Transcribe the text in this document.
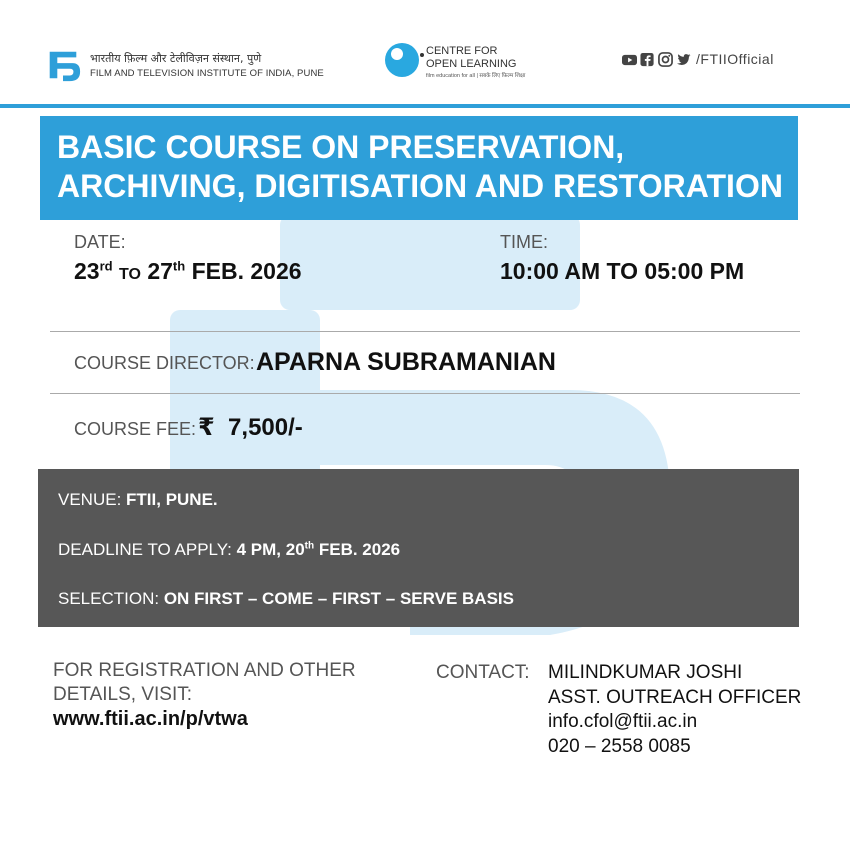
भारतीय फ़िल्म और टेलीविज़न संस्थान, पुणे
FILM AND TELEVISION INSTITUTE OF INDIA, PUNE
CENTRE FOR
OPEN LEARNING
film education for all | सबके लिए फ़िल्म शिक्षा
/FTIIOfficial
BASIC COURSE ON PRESERVATION, ARCHIVING, DIGITISATION AND RESTORATION
DATE:
23rd TO 27th FEB. 2026
TIME:
10:00 AM TO 05:00 PM
COURSE DIRECTOR: APARNA SUBRAMANIAN
COURSE FEE: ₹ 7,500/-
VENUE: FTII, PUNE.
DEADLINE TO APPLY: 4 PM, 20th FEB. 2026
SELECTION: ON FIRST – COME – FIRST – SERVE BASIS
FOR REGISTRATION AND OTHER DETAILS, VISIT:
www.ftii.ac.in/p/vtwa
CONTACT: MILINDKUMAR JOSHI
ASST. OUTREACH OFFICER
info.cfol@ftii.ac.in
020 – 2558 0085
